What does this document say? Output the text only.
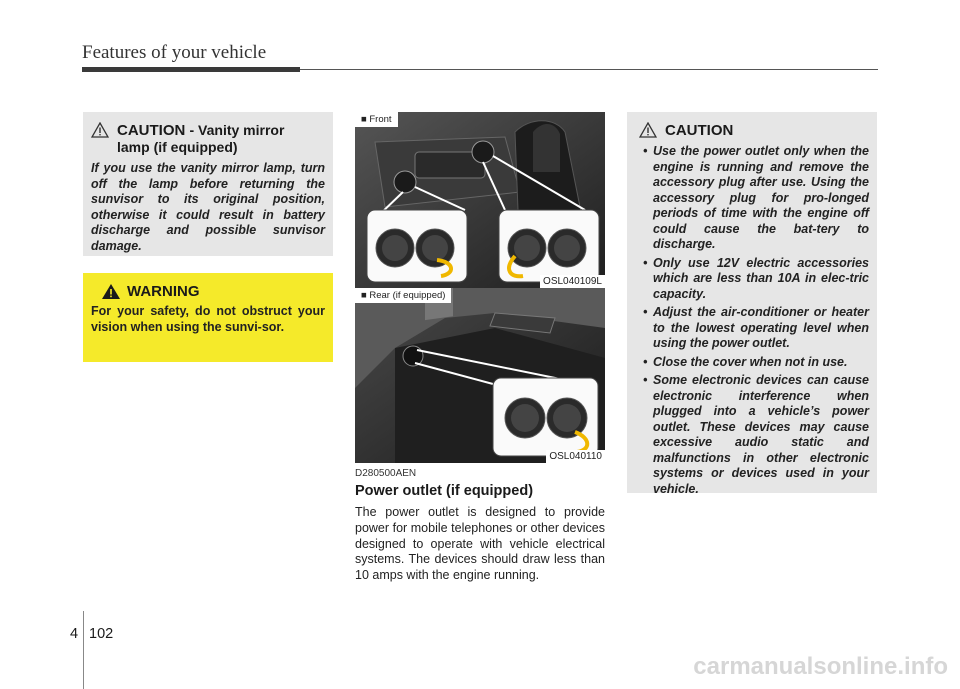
Features of your vehicle
CAUTION - Vanity mirror
lamp (if equipped)
If you use the vanity mirror lamp, turn off the lamp before returning the sunvisor to its original position, otherwise it could result in battery discharge and possible sunvisor damage.
WARNING
For your safety, do not obstruct your vision when using the sunvi-sor.
■ Front
OSL040109L
■ Rear (if equipped)
OSL040110
D280500AEN
Power outlet (if equipped)
The power outlet is designed to provide power for mobile telephones or other devices designed to operate with vehicle electrical systems. The devices should draw less than 10 amps with the engine running.
CAUTION
• Use the power outlet only when the engine is running and remove the accessory plug after use. Using the accessory plug for pro-longed periods of time with the engine off could cause the bat-tery to discharge.
• Only use 12V electric accessories which are less than 10A in elec-tric capacity.
• Adjust the air-conditioner or heater to the lowest operating level when using the power outlet.
• Close the cover when not in use.
• Some electronic devices can cause electronic interference when plugged into a vehicle’s power outlet. These devices may cause excessive audio static and malfunctions in other electronic systems or devices used in your vehicle.
4 102
carmanualsonline.info
